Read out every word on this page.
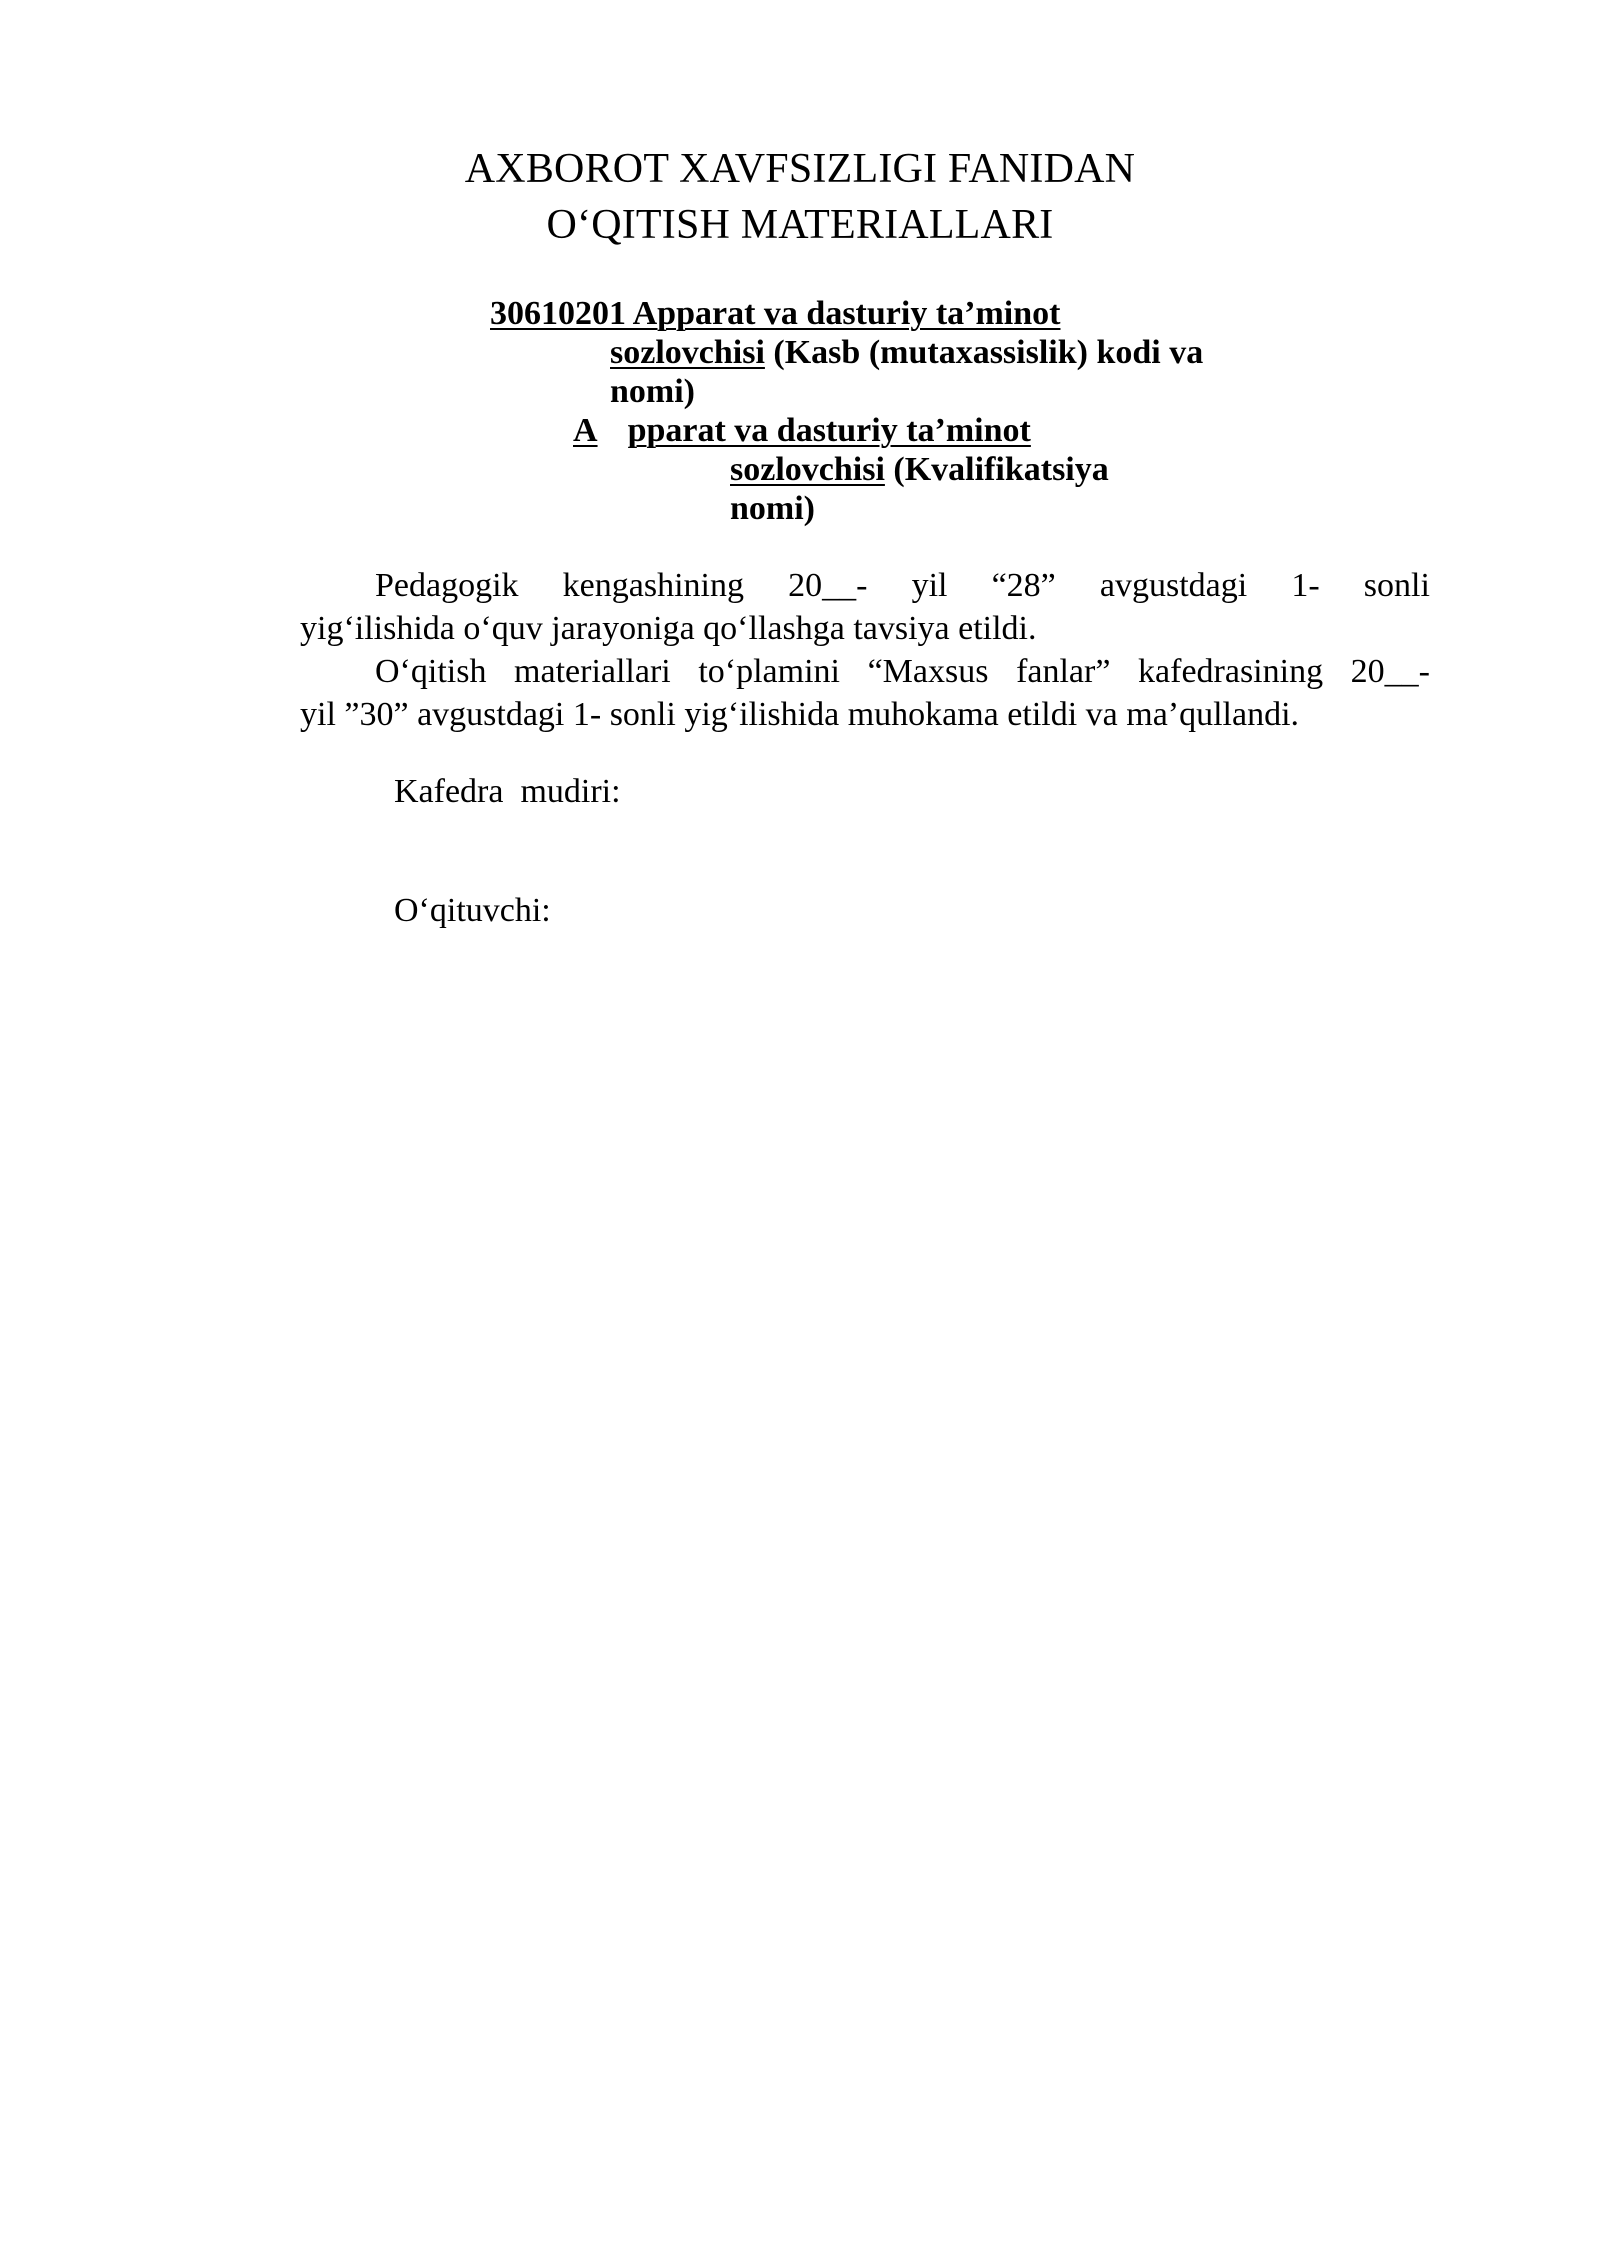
AXBOROT XAVFSIZLIGI FANIDAN
O‘QITISH MATERIALLARI
30610201 Apparat va dasturiy ta’minot
sozlovchisi (Kasb (mutaxassislik) kodi va
nomi)
A pparat va dasturiy ta’minot
sozlovchisi (Kvalifikatsiya
nomi)
Pedagogik kengashining 20__- yil “28” avgustdagi 1- sonli
yig‘ilishida o‘quv jarayoniga qo‘llashga tavsiya etildi.
O‘qitish materiallari to‘plamini “Maxsus fanlar” kafedrasining 20__-
yil ”30” avgustdagi 1- sonli yig‘ilishida muhokama etildi va ma’qullandi.
Kafedra  mudiri:
O‘qituvchi:
